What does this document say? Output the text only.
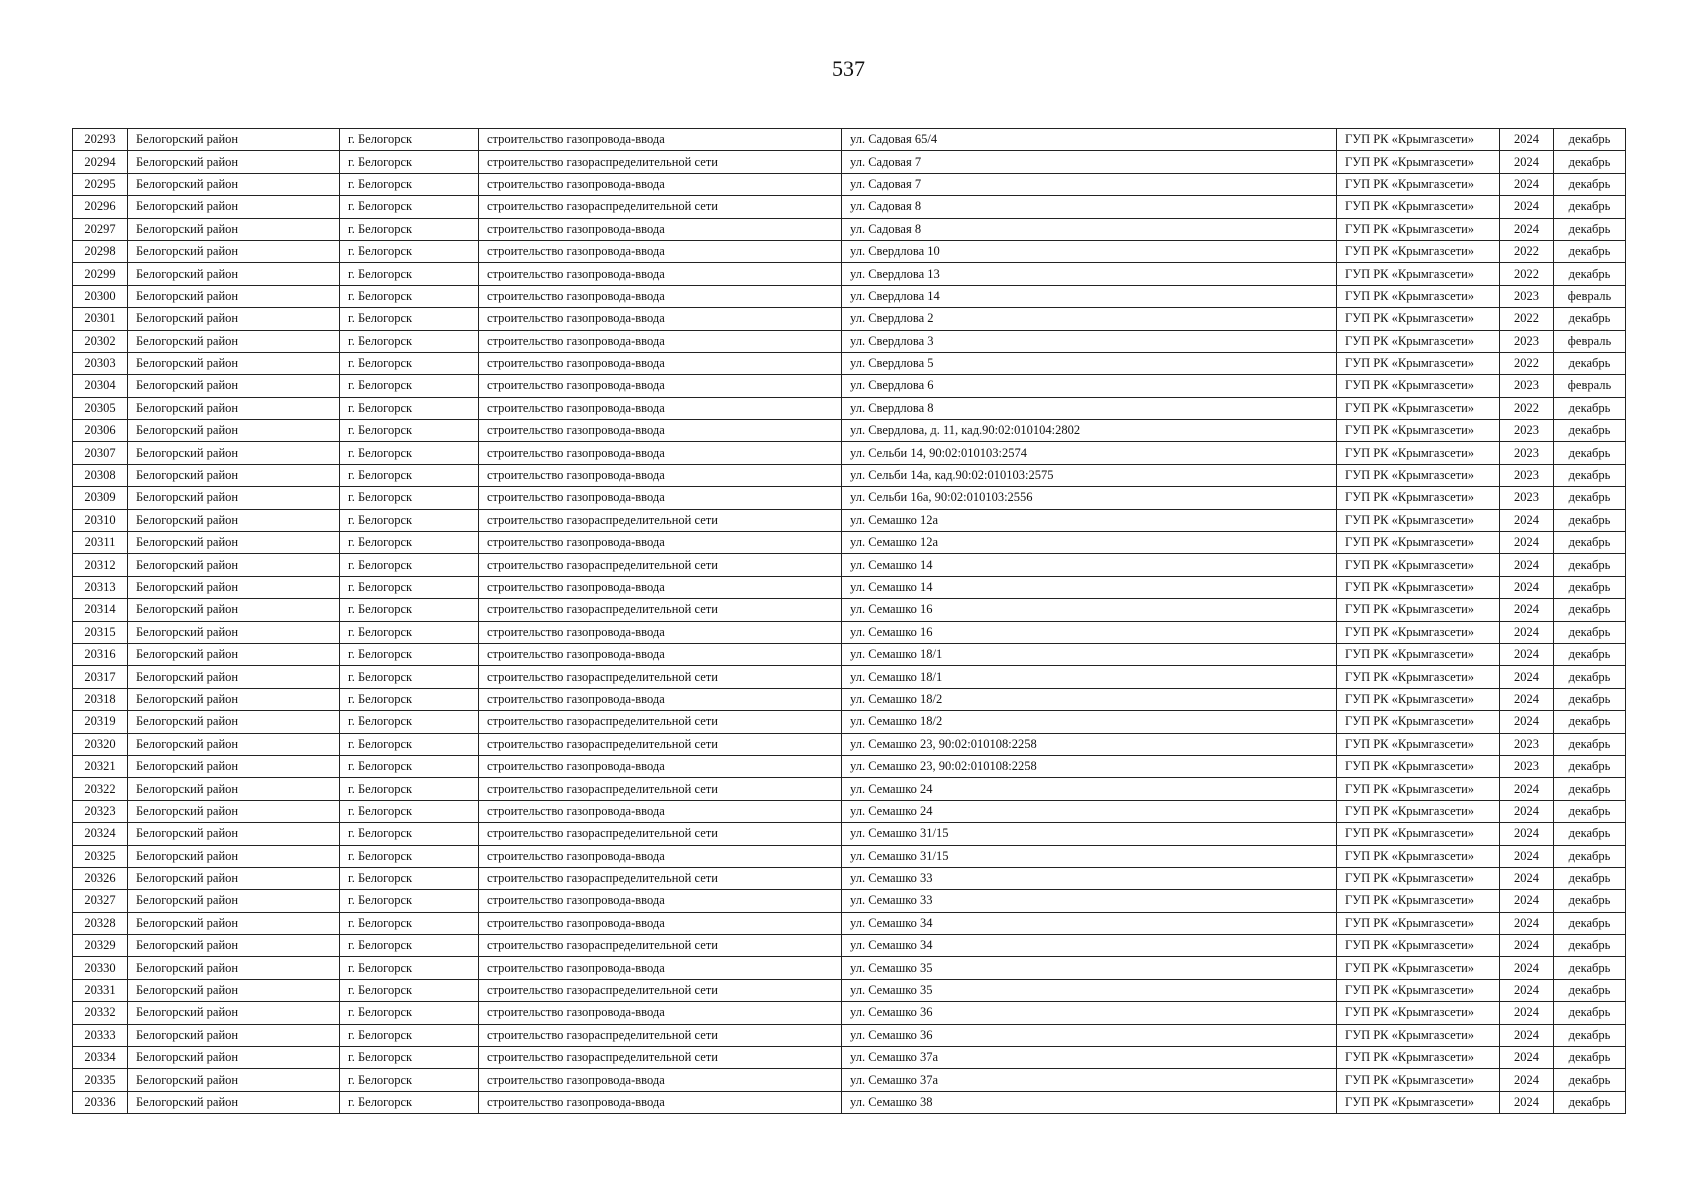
537
20293	Белогорский район	г. Белогорск	строительство газопровода-ввода	ул. Садовая 65/4	ГУП РК «Крымгазсети»	2024	декабрь
20294	Белогорский район	г. Белогорск	строительство газораспределительной сети	ул. Садовая 7	ГУП РК «Крымгазсети»	2024	декабрь
20295	Белогорский район	г. Белогорск	строительство газопровода-ввода	ул. Садовая 7	ГУП РК «Крымгазсети»	2024	декабрь
20296	Белогорский район	г. Белогорск	строительство газораспределительной сети	ул. Садовая 8	ГУП РК «Крымгазсети»	2024	декабрь
20297	Белогорский район	г. Белогорск	строительство газопровода-ввода	ул. Садовая 8	ГУП РК «Крымгазсети»	2024	декабрь
20298	Белогорский район	г. Белогорск	строительство газопровода-ввода	ул. Свердлова 10	ГУП РК «Крымгазсети»	2022	декабрь
20299	Белогорский район	г. Белогорск	строительство газопровода-ввода	ул. Свердлова 13	ГУП РК «Крымгазсети»	2022	декабрь
20300	Белогорский район	г. Белогорск	строительство газопровода-ввода	ул. Свердлова 14	ГУП РК «Крымгазсети»	2023	февраль
20301	Белогорский район	г. Белогорск	строительство газопровода-ввода	ул. Свердлова 2	ГУП РК «Крымгазсети»	2022	декабрь
20302	Белогорский район	г. Белогорск	строительство газопровода-ввода	ул. Свердлова 3	ГУП РК «Крымгазсети»	2023	февраль
20303	Белогорский район	г. Белогорск	строительство газопровода-ввода	ул. Свердлова 5	ГУП РК «Крымгазсети»	2022	декабрь
20304	Белогорский район	г. Белогорск	строительство газопровода-ввода	ул. Свердлова 6	ГУП РК «Крымгазсети»	2023	февраль
20305	Белогорский район	г. Белогорск	строительство газопровода-ввода	ул. Свердлова 8	ГУП РК «Крымгазсети»	2022	декабрь
20306	Белогорский район	г. Белогорск	строительство газопровода-ввода	ул. Свердлова, д. 11, кад.90:02:010104:2802	ГУП РК «Крымгазсети»	2023	декабрь
20307	Белогорский район	г. Белогорск	строительство газопровода-ввода	ул. Сельби 14, 90:02:010103:2574	ГУП РК «Крымгазсети»	2023	декабрь
20308	Белогорский район	г. Белогорск	строительство газопровода-ввода	ул. Сельби 14а, кад.90:02:010103:2575	ГУП РК «Крымгазсети»	2023	декабрь
20309	Белогорский район	г. Белогорск	строительство газопровода-ввода	ул. Сельби 16а, 90:02:010103:2556	ГУП РК «Крымгазсети»	2023	декабрь
20310	Белогорский район	г. Белогорск	строительство газораспределительной сети	ул. Семашко 12а	ГУП РК «Крымгазсети»	2024	декабрь
20311	Белогорский район	г. Белогорск	строительство газопровода-ввода	ул. Семашко 12а	ГУП РК «Крымгазсети»	2024	декабрь
20312	Белогорский район	г. Белогорск	строительство газораспределительной сети	ул. Семашко 14	ГУП РК «Крымгазсети»	2024	декабрь
20313	Белогорский район	г. Белогорск	строительство газопровода-ввода	ул. Семашко 14	ГУП РК «Крымгазсети»	2024	декабрь
20314	Белогорский район	г. Белогорск	строительство газораспределительной сети	ул. Семашко 16	ГУП РК «Крымгазсети»	2024	декабрь
20315	Белогорский район	г. Белогорск	строительство газопровода-ввода	ул. Семашко 16	ГУП РК «Крымгазсети»	2024	декабрь
20316	Белогорский район	г. Белогорск	строительство газопровода-ввода	ул. Семашко 18/1	ГУП РК «Крымгазсети»	2024	декабрь
20317	Белогорский район	г. Белогорск	строительство газораспределительной сети	ул. Семашко 18/1	ГУП РК «Крымгазсети»	2024	декабрь
20318	Белогорский район	г. Белогорск	строительство газопровода-ввода	ул. Семашко 18/2	ГУП РК «Крымгазсети»	2024	декабрь
20319	Белогорский район	г. Белогорск	строительство газораспределительной сети	ул. Семашко 18/2	ГУП РК «Крымгазсети»	2024	декабрь
20320	Белогорский район	г. Белогорск	строительство газораспределительной сети	ул. Семашко 23, 90:02:010108:2258	ГУП РК «Крымгазсети»	2023	декабрь
20321	Белогорский район	г. Белогорск	строительство газопровода-ввода	ул. Семашко 23, 90:02:010108:2258	ГУП РК «Крымгазсети»	2023	декабрь
20322	Белогорский район	г. Белогорск	строительство газораспределительной сети	ул. Семашко 24	ГУП РК «Крымгазсети»	2024	декабрь
20323	Белогорский район	г. Белогорск	строительство газопровода-ввода	ул. Семашко 24	ГУП РК «Крымгазсети»	2024	декабрь
20324	Белогорский район	г. Белогорск	строительство газораспределительной сети	ул. Семашко 31/15	ГУП РК «Крымгазсети»	2024	декабрь
20325	Белогорский район	г. Белогорск	строительство газопровода-ввода	ул. Семашко 31/15	ГУП РК «Крымгазсети»	2024	декабрь
20326	Белогорский район	г. Белогорск	строительство газораспределительной сети	ул. Семашко 33	ГУП РК «Крымгазсети»	2024	декабрь
20327	Белогорский район	г. Белогорск	строительство газопровода-ввода	ул. Семашко 33	ГУП РК «Крымгазсети»	2024	декабрь
20328	Белогорский район	г. Белогорск	строительство газопровода-ввода	ул. Семашко 34	ГУП РК «Крымгазсети»	2024	декабрь
20329	Белогорский район	г. Белогорск	строительство газораспределительной сети	ул. Семашко 34	ГУП РК «Крымгазсети»	2024	декабрь
20330	Белогорский район	г. Белогорск	строительство газопровода-ввода	ул. Семашко 35	ГУП РК «Крымгазсети»	2024	декабрь
20331	Белогорский район	г. Белогорск	строительство газораспределительной сети	ул. Семашко 35	ГУП РК «Крымгазсети»	2024	декабрь
20332	Белогорский район	г. Белогорск	строительство газопровода-ввода	ул. Семашко 36	ГУП РК «Крымгазсети»	2024	декабрь
20333	Белогорский район	г. Белогорск	строительство газораспределительной сети	ул. Семашко 36	ГУП РК «Крымгазсети»	2024	декабрь
20334	Белогорский район	г. Белогорск	строительство газораспределительной сети	ул. Семашко 37а	ГУП РК «Крымгазсети»	2024	декабрь
20335	Белогорский район	г. Белогорск	строительство газопровода-ввода	ул. Семашко 37а	ГУП РК «Крымгазсети»	2024	декабрь
20336	Белогорский район	г. Белогорск	строительство газопровода-ввода	ул. Семашко 38	ГУП РК «Крымгазсети»	2024	декабрь
